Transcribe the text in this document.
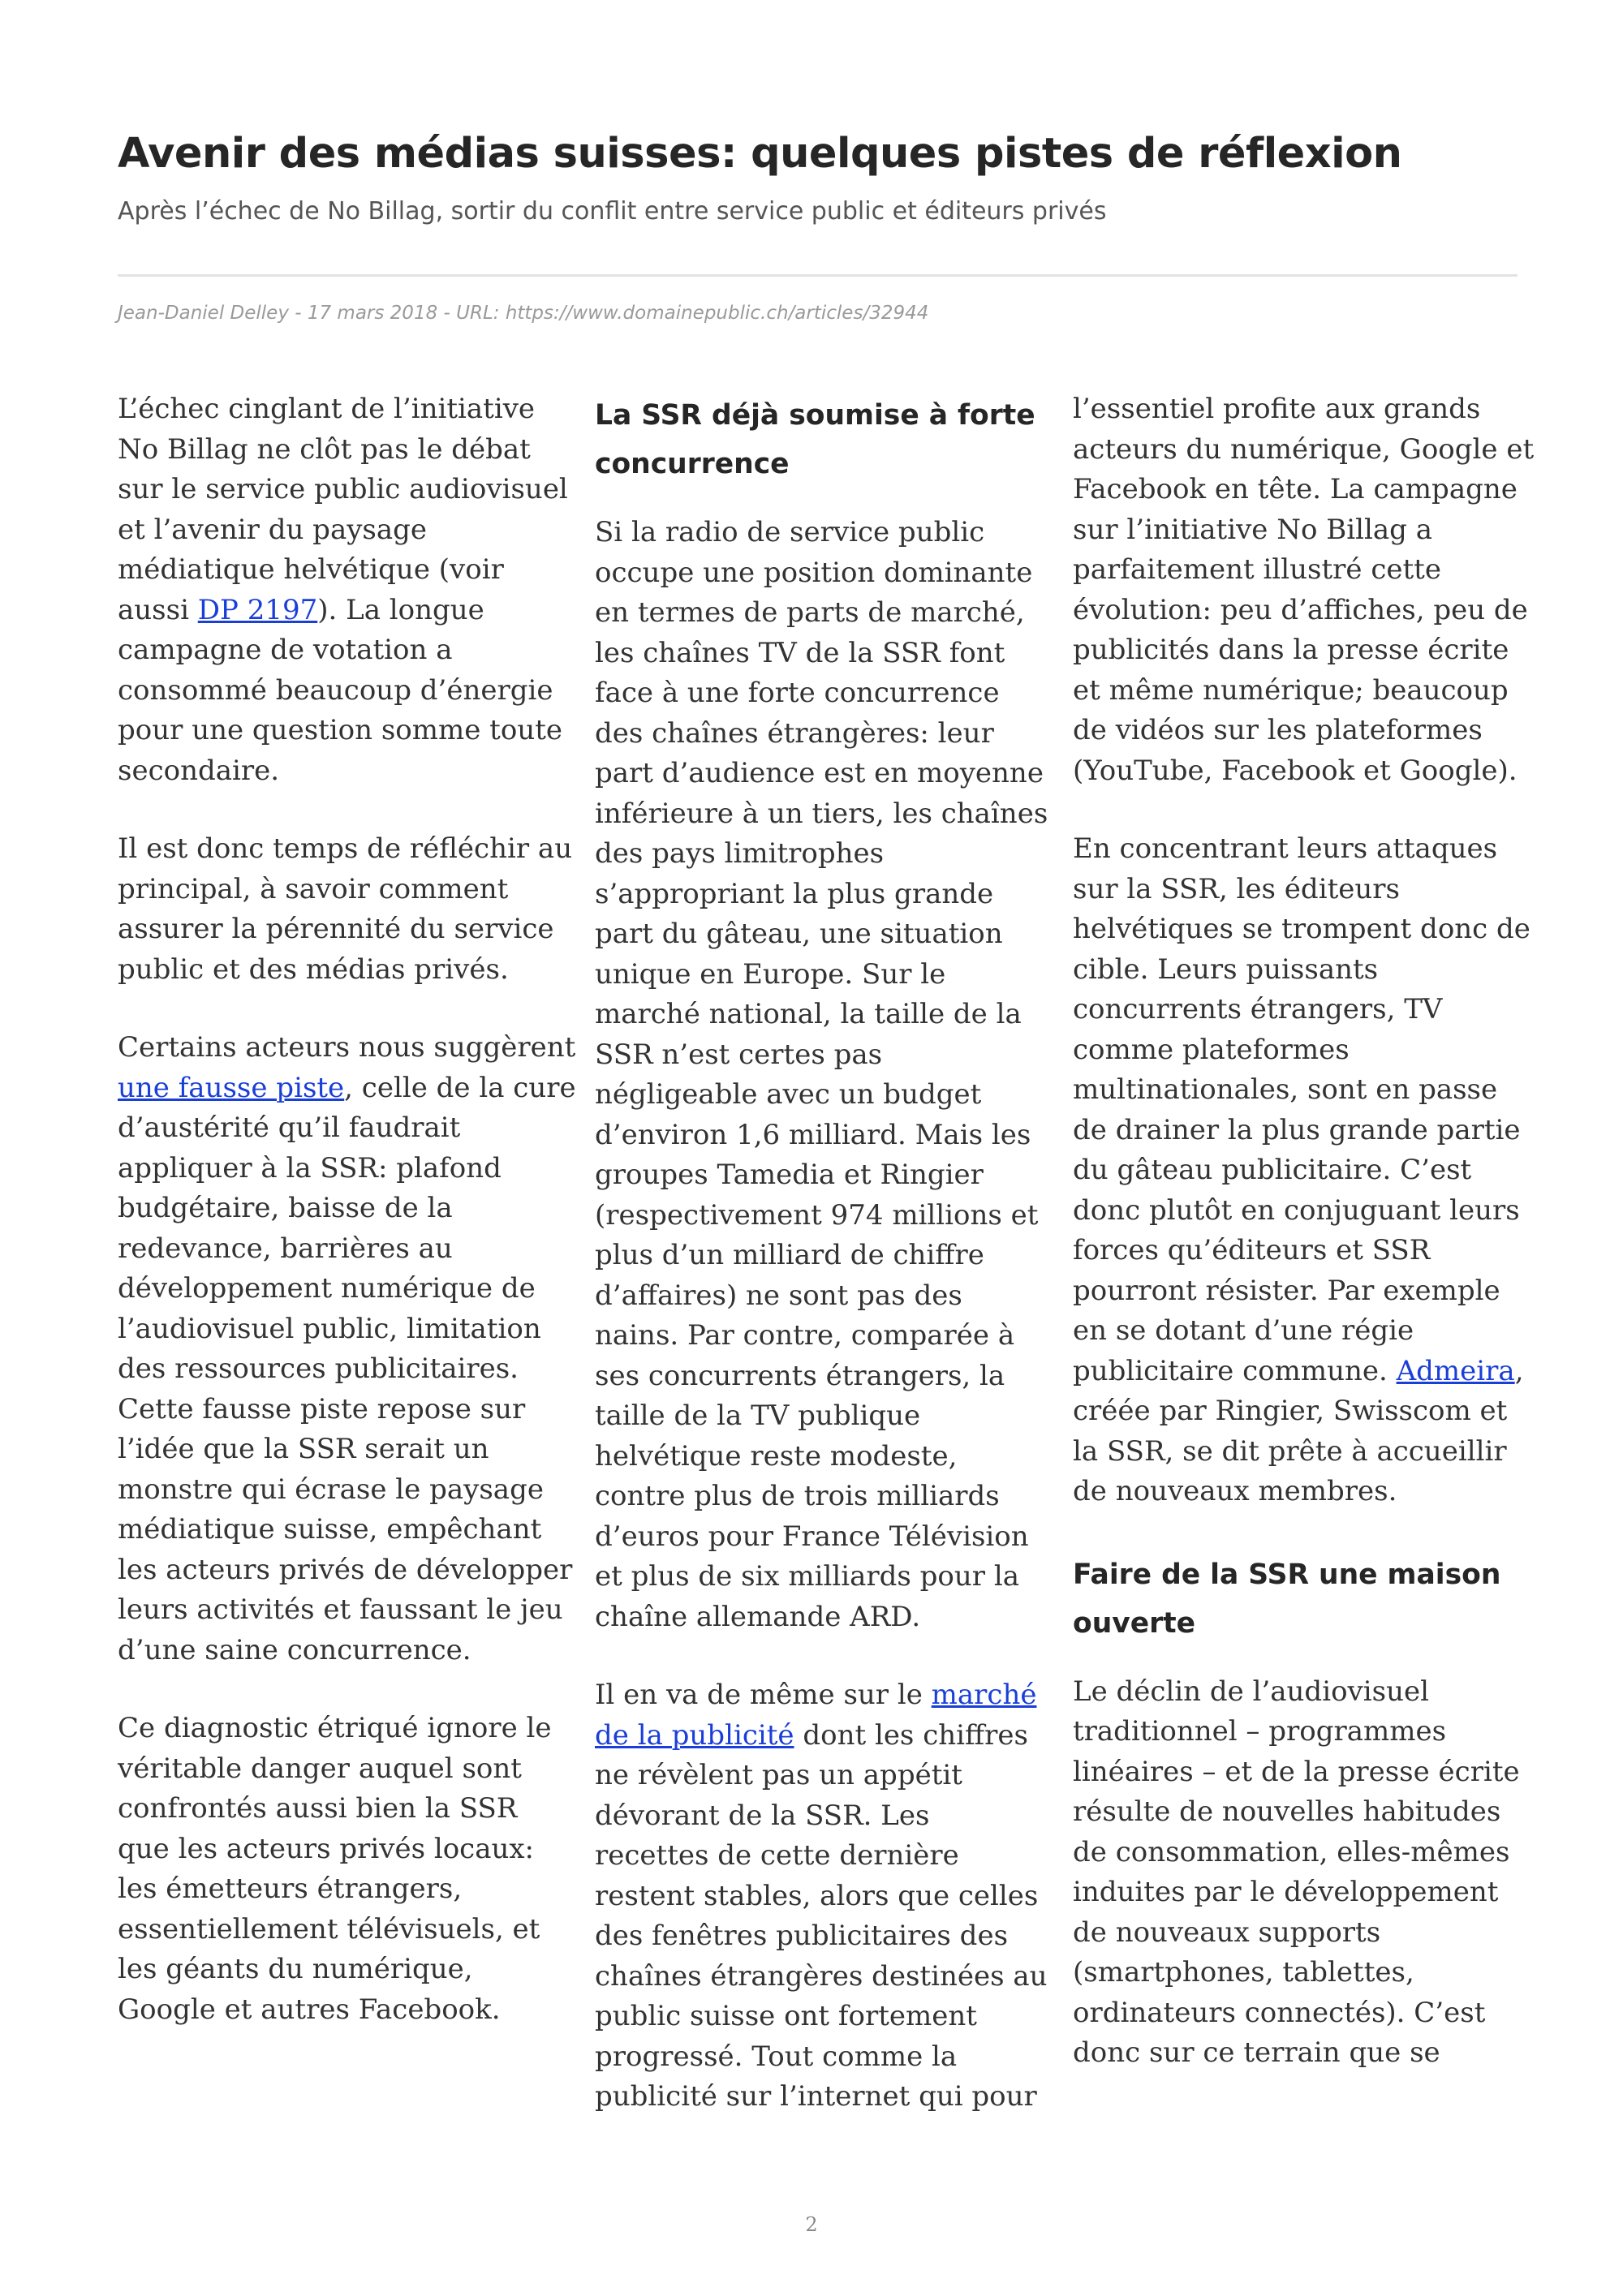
Avenir des médias suisses: quelques pistes de réflexion
Après l’échec de No Billag, sortir du conflit entre service public et éditeurs privés
Jean-Daniel Delley - 17 mars 2018 - URL: https://www.domainepublic.ch/articles/32944

L’échec cinglant de l’initiative No Billag ne clôt pas le débat sur le service public audiovisuel et l’avenir du paysage médiatique helvétique (voir aussi DP 2197). La longue campagne de votation a consommé beaucoup d’énergie pour une question somme toute secondaire.

Il est donc temps de réfléchir au principal, à savoir comment assurer la pérennité du service public et des médias privés.

Certains acteurs nous suggèrent une fausse piste, celle de la cure d’austérité qu’il faudrait appliquer à la SSR: plafond budgétaire, baisse de la redevance, barrières au développement numérique de l’audiovisuel public, limitation des ressources publicitaires. Cette fausse piste repose sur l’idée que la SSR serait un monstre qui écrase le paysage médiatique suisse, empêchant les acteurs privés de développer leurs activités et faussant le jeu d’une saine concurrence.

Ce diagnostic étriqué ignore le véritable danger auquel sont confrontés aussi bien la SSR que les acteurs privés locaux: les émetteurs étrangers, essentiellement télévisuels, et les géants du numérique, Google et autres Facebook.

La SSR déjà soumise à forte concurrence

Si la radio de service public occupe une position dominante en termes de parts de marché, les chaînes TV de la SSR font face à une forte concurrence des chaînes étrangères: leur part d’audience est en moyenne inférieure à un tiers, les chaînes des pays limitrophes s’appropriant la plus grande part du gâteau, une situation unique en Europe. Sur le marché national, la taille de la SSR n’est certes pas négligeable avec un budget d’environ 1,6 milliard. Mais les groupes Tamedia et Ringier (respectivement 974 millions et plus d’un milliard de chiffre d’affaires) ne sont pas des nains. Par contre, comparée à ses concurrents étrangers, la taille de la TV publique helvétique reste modeste, contre plus de trois milliards d’euros pour France Télévision et plus de six milliards pour la chaîne allemande ARD.

Il en va de même sur le marché de la publicité dont les chiffres ne révèlent pas un appétit dévorant de la SSR. Les recettes de cette dernière restent stables, alors que celles des fenêtres publicitaires des chaînes étrangères destinées au public suisse ont fortement progressé. Tout comme la publicité sur l’internet qui pour

l’essentiel profite aux grands acteurs du numérique, Google et Facebook en tête. La campagne sur l’initiative No Billag a parfaitement illustré cette évolution: peu d’affiches, peu de publicités dans la presse écrite et même numérique; beaucoup de vidéos sur les plateformes (YouTube, Facebook et Google).

En concentrant leurs attaques sur la SSR, les éditeurs helvétiques se trompent donc de cible. Leurs puissants concurrents étrangers, TV comme plateformes multinationales, sont en passe de drainer la plus grande partie du gâteau publicitaire. C’est donc plutôt en conjuguant leurs forces qu’éditeurs et SSR pourront résister. Par exemple en se dotant d’une régie publicitaire commune. Admeira, créée par Ringier, Swisscom et la SSR, se dit prête à accueillir de nouveaux membres.

Faire de la SSR une maison ouverte

Le déclin de l’audiovisuel traditionnel – programmes linéaires – et de la presse écrite résulte de nouvelles habitudes de consommation, elles-mêmes induites par le développement de nouveaux supports (smartphones, tablettes, ordinateurs connectés). C’est donc sur ce terrain que se

2
